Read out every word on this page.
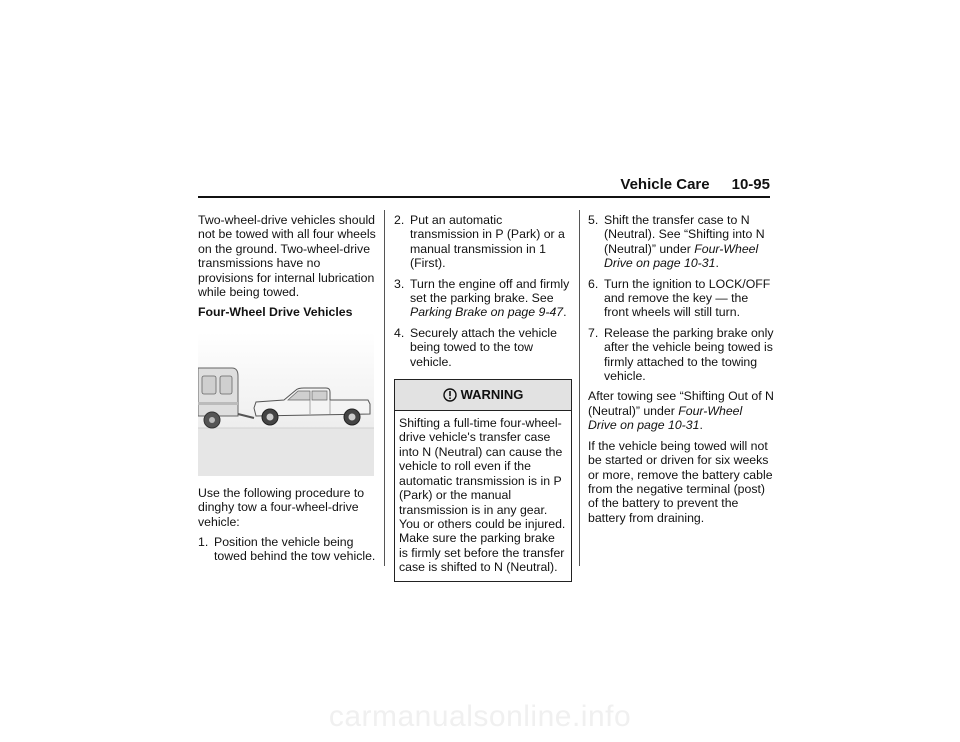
Vehicle Care 10-95

Two-wheel-drive vehicles should not be towed with all four wheels on the ground. Two-wheel-drive transmissions have no provisions for internal lubrication while being towed.

Four-Wheel Drive Vehicles

Use the following procedure to dinghy tow a four-wheel-drive vehicle:

1. Position the vehicle being towed behind the tow vehicle.
2. Put an automatic transmission in P (Park) or a manual transmission in 1 (First).
3. Turn the engine off and firmly set the parking brake. See Parking Brake on page 9-47.
4. Securely attach the vehicle being towed to the tow vehicle.
WARNING
Shifting a full-time four-wheel-drive vehicle's transfer case into N (Neutral) can cause the vehicle to roll even if the automatic transmission is in P (Park) or the manual transmission is in any gear. You or others could be injured. Make sure the parking brake is firmly set before the transfer case is shifted to N (Neutral).
5. Shift the transfer case to N (Neutral). See “Shifting into N (Neutral)” under Four-Wheel Drive on page 10-31.
6. Turn the ignition to LOCK/OFF and remove the key — the front wheels will still turn.
7. Release the parking brake only after the vehicle being towed is firmly attached to the towing vehicle.

After towing see “Shifting Out of N (Neutral)” under Four-Wheel Drive on page 10-31.

If the vehicle being towed will not be started or driven for six weeks or more, remove the battery cable from the negative terminal (post) of the battery to prevent the battery from draining.

carmanualsonline.info
